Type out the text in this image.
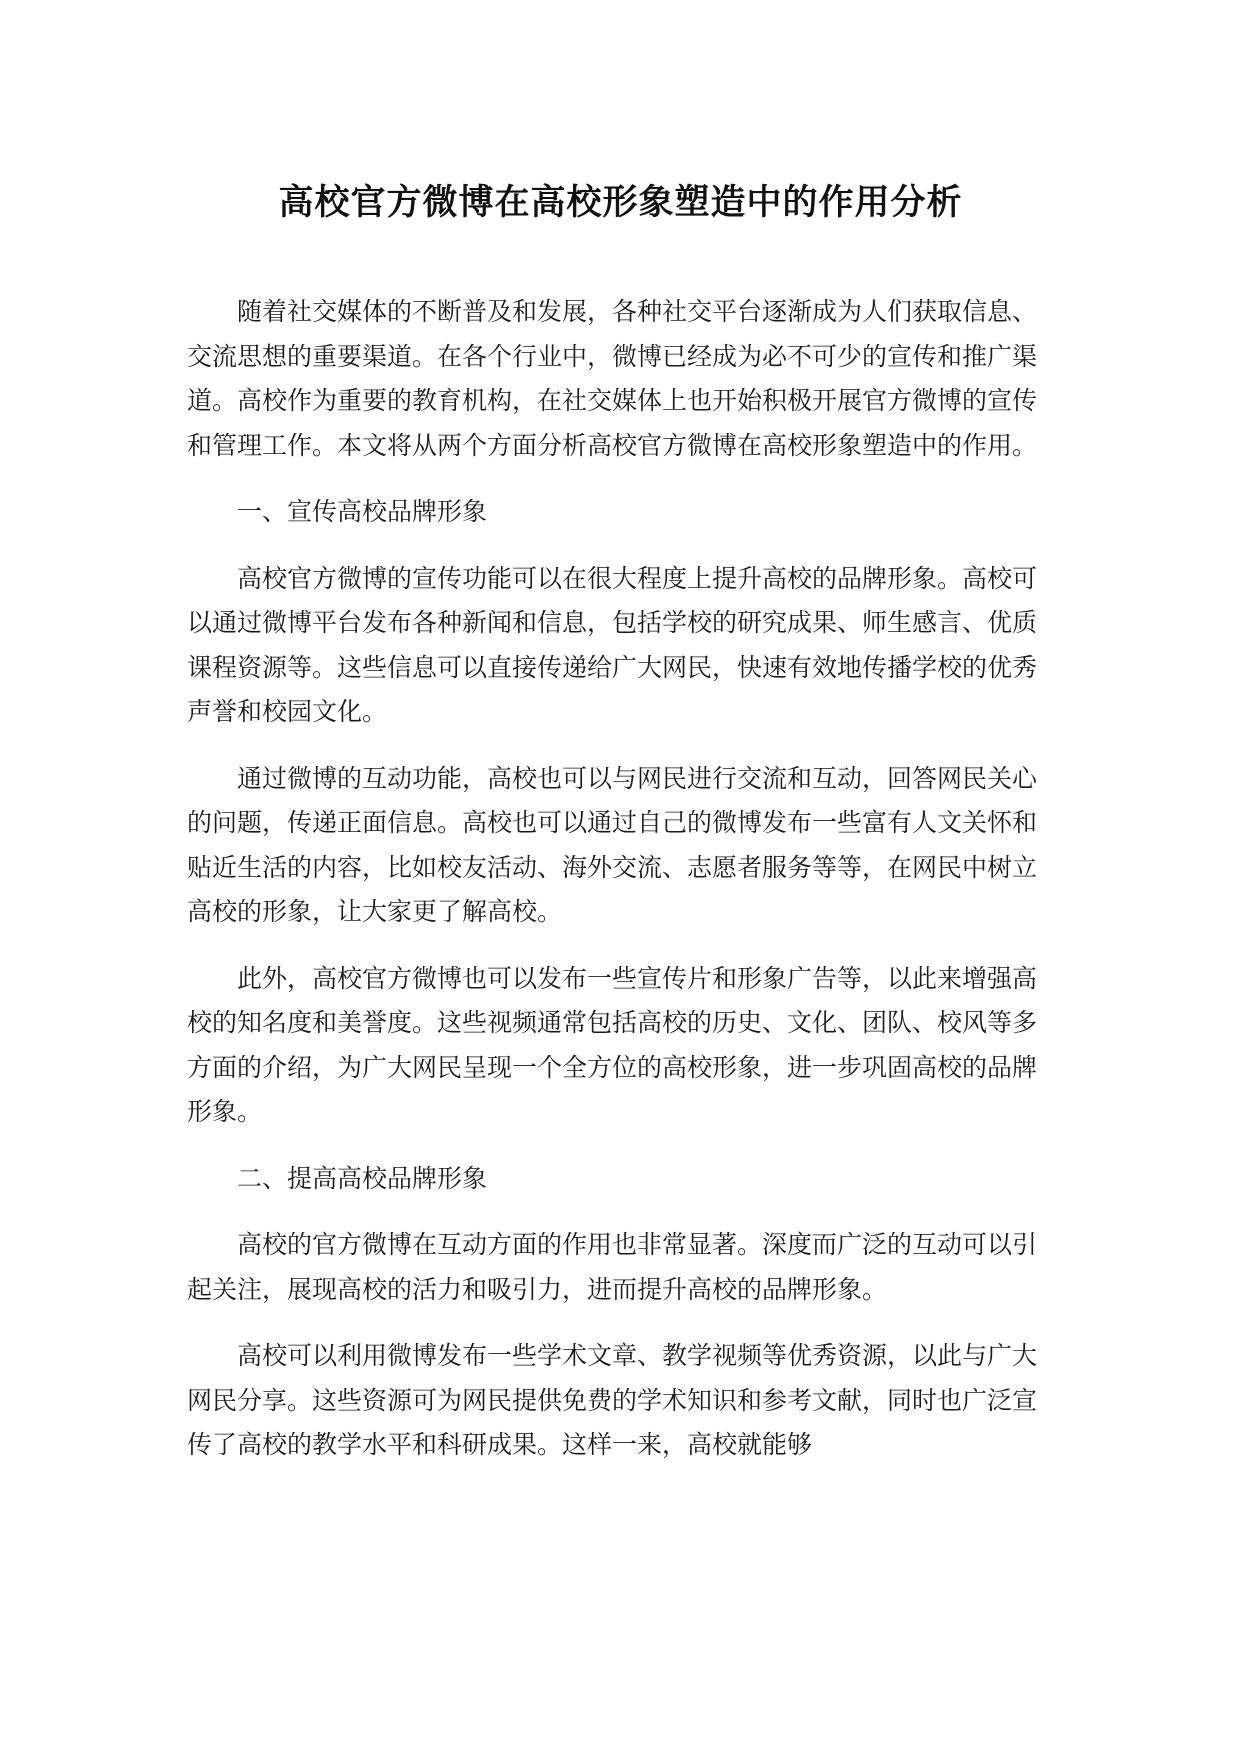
高校官方微博在高校形象塑造中的作用分析

随着社交媒体的不断普及和发展，各种社交平台逐渐成为人们获取信息、交流思想的重要渠道。在各个行业中，微博已经成为必不可少的宣传和推广渠道。高校作为重要的教育机构，在社交媒体上也开始积极开展官方微博的宣传和管理工作。本文将从两个方面分析高校官方微博在高校形象塑造中的作用。

一、宣传高校品牌形象

高校官方微博的宣传功能可以在很大程度上提升高校的品牌形象。高校可以通过微博平台发布各种新闻和信息，包括学校的研究成果、师生感言、优质课程资源等。这些信息可以直接传递给广大网民，快速有效地传播学校的优秀声誉和校园文化。

通过微博的互动功能，高校也可以与网民进行交流和互动，回答网民关心的问题，传递正面信息。高校也可以通过自己的微博发布一些富有人文关怀和贴近生活的内容，比如校友活动、海外交流、志愿者服务等等，在网民中树立高校的形象，让大家更了解高校。

此外，高校官方微博也可以发布一些宣传片和形象广告等，以此来增强高校的知名度和美誉度。这些视频通常包括高校的历史、文化、团队、校风等多方面的介绍，为广大网民呈现一个全方位的高校形象，进一步巩固高校的品牌形象。

二、提高高校品牌形象

高校的官方微博在互动方面的作用也非常显著。深度而广泛的互动可以引起关注，展现高校的活力和吸引力，进而提升高校的品牌形象。

高校可以利用微博发布一些学术文章、教学视频等优秀资源，以此与广大网民分享。这些资源可为网民提供免费的学术知识和参考文献，同时也广泛宣传了高校的教学水平和科研成果。这样一来，高校就能够
